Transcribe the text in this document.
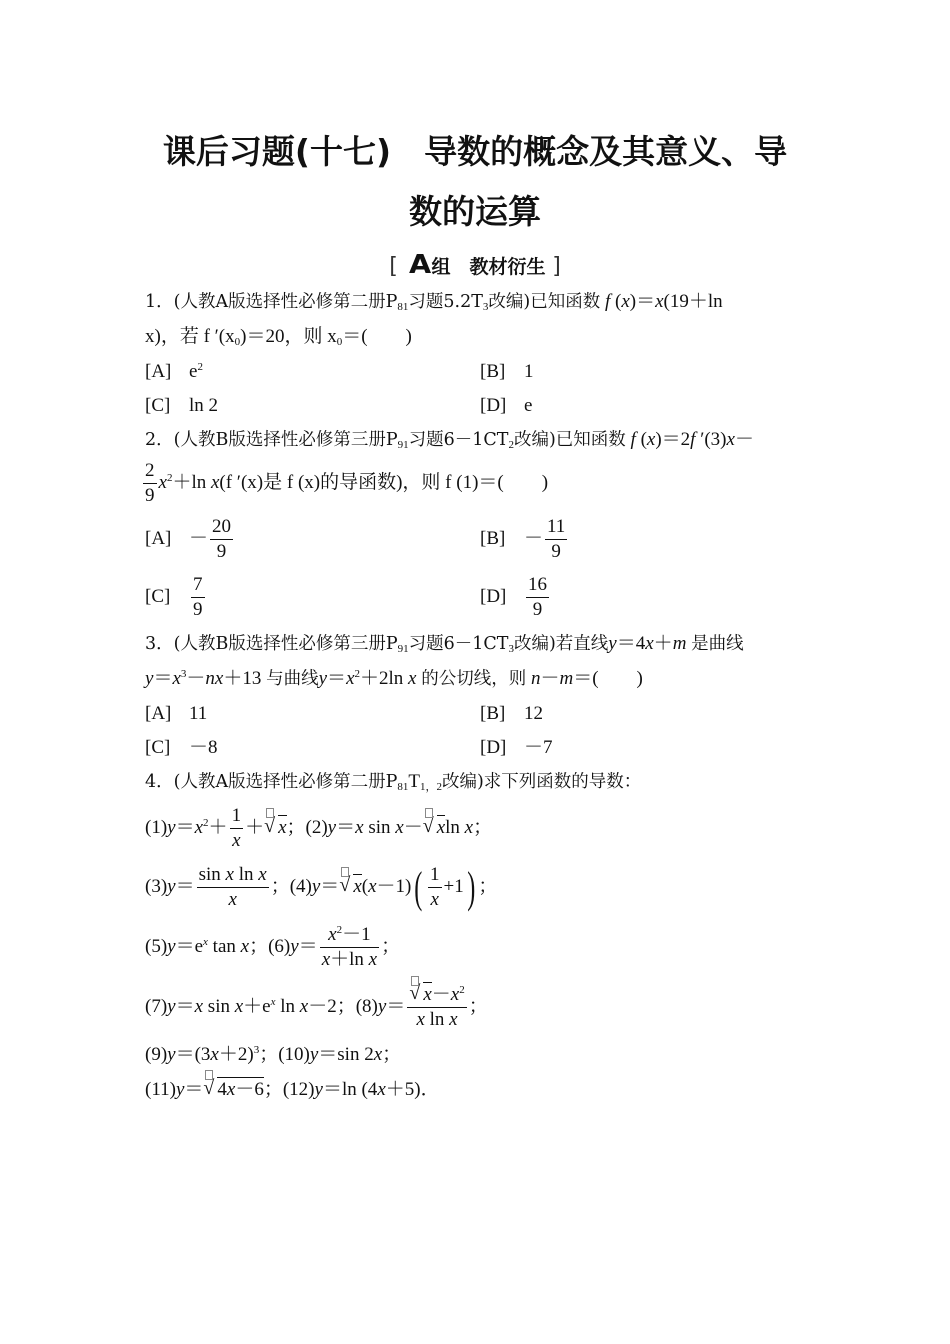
课后习题(十七)　导数的概念及其意义、导
数的运算
[ A组　教材衍生 ]
1．(人教A版选择性必修第二册$P_{81}$习题$5.2T_3$改编)已知函数 f (x)＝x(19＋ln
x)，若 f $'(x_0)=20$，则 $x_0=$(　　)
[A] $e^2$	[B] 1
[C] ln 2	[D] e
2．(人教B版选择性必修第三册$P_{91}$习题$6-1CT_2$改编)已知函数 f (x)＝2f ′(3)x－
$\frac{2}{9} x^2+\ln$ x(f ′(x)是 f (x)的导函数)，则 f (1)＝(　　)
$[A] - \frac{20}{9}$	$[B] - \frac{11}{9}$
$[C] \frac{7}{9}$	$[D] \frac{16}{9}$
3．(人教B版选择性必修第三册$P_{91}$习题$6-1CT_3$改编)若直线y＝4x＋m 是曲线
$y=x^3-nx+13$ 与曲线$y=x^2+2\ln$ x 的公切线，则 n－m＝(　　)
[A] 11	[B] 12
[C] －8	[D] －7
4．(人教A版选择性必修第二册$P_{81}T_{1,2}$改编)求下列函数的导数：
$(1)y=x^2+ \frac{1}{x}$ ＋ √ x；(2)y＝x sin x－ √ xln x；
$(3)y= \frac{\text{sin x ln x}}{x}$ ；(4)y＝ √ $x(x-1)( \frac{1}{x} +1)$ ；
$(5)y=e^x$ tan x；$(6)y= \frac{x^2-1}{\text{x＋ln x}}$ ；
(7)y＝x $\sin x+e^x$ ln x－2；$(8)y= \frac{√ x-x^2}{\text{x ln x}}$ ；
$(9)y=(3x+2)^3$；(10)y＝sin 2x；
(11)y＝ √ 4x－6；(12)y＝ln (4x＋5)．
